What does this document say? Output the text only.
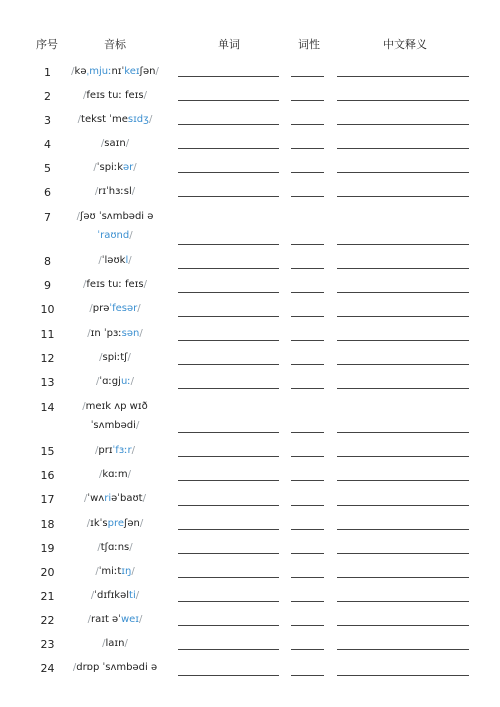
序号	音标	单词	词性	中文释义
1	/kəˌmjuːnɪˈkeɪʃən/
2	/feɪs tuː feɪs/
3	/tekst ˈmesɪdʒ/
4	/saɪn/
5	/ˈspiːkər/
6	/rɪˈhɜːsl/
7	/ʃəʊ ˈsʌmbədi ə
ˈraʊnd/
8	/ˈləʊkl/
9	/feɪs tuː feɪs/
10	/prəˈfesər/
11	/ɪn ˈpɜːsən/
12	/spiːtʃ/
13	/ˈɑːgjuː/
14	/meɪk ʌp wɪð
ˈsʌmbədi/
15	/prɪˈfɜːr/
16	/kɑːm/
17	/ˈwʌriəˈbaʊt/
18	/ɪkˈspreʃən/
19	/tʃɑːns/
20	/ˈmiːtɪŋ/
21	/ˈdɪfɪkəlti/
22	/raɪt əˈweɪ/
23	/laɪn/
24	/drɒp ˈsʌmbədi ə
